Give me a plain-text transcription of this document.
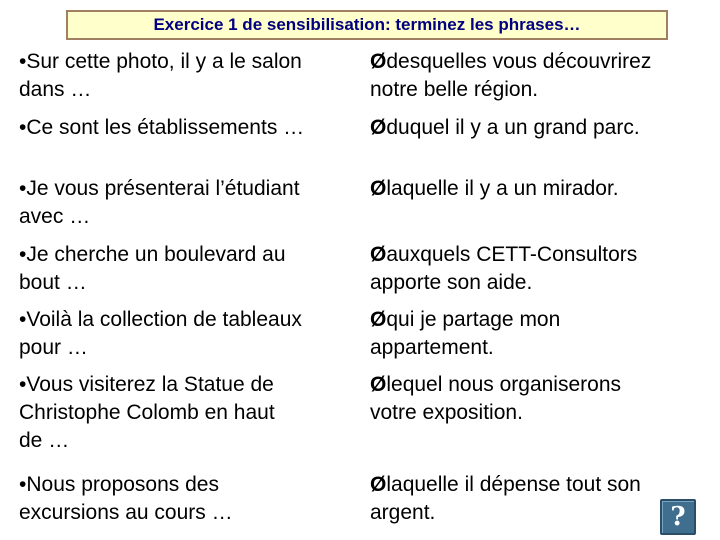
Exercice 1 de sensibilisation: terminez les phrases…
•Sur cette photo, il y a le salon
dans …
•Ce sont les établissements …
•Je vous présenterai l’étudiant
avec …
•Je cherche un boulevard au
bout …
•Voilà la collection de tableaux
pour …
•Vous visiterez la Statue de
Christophe Colomb en haut
de …
•Nous proposons des
excursions au cours …
Ødesquelles vous découvrirez
notre belle région.
Øduquel il y a un grand parc.
Ølaquelle il y a un mirador.
Øauxquels CETT-Consultors
apporte son aide.
Øqui je partage mon
appartement.
Ølequel nous organiserons
votre exposition.
Ølaquelle il dépense tout son
argent.	?
